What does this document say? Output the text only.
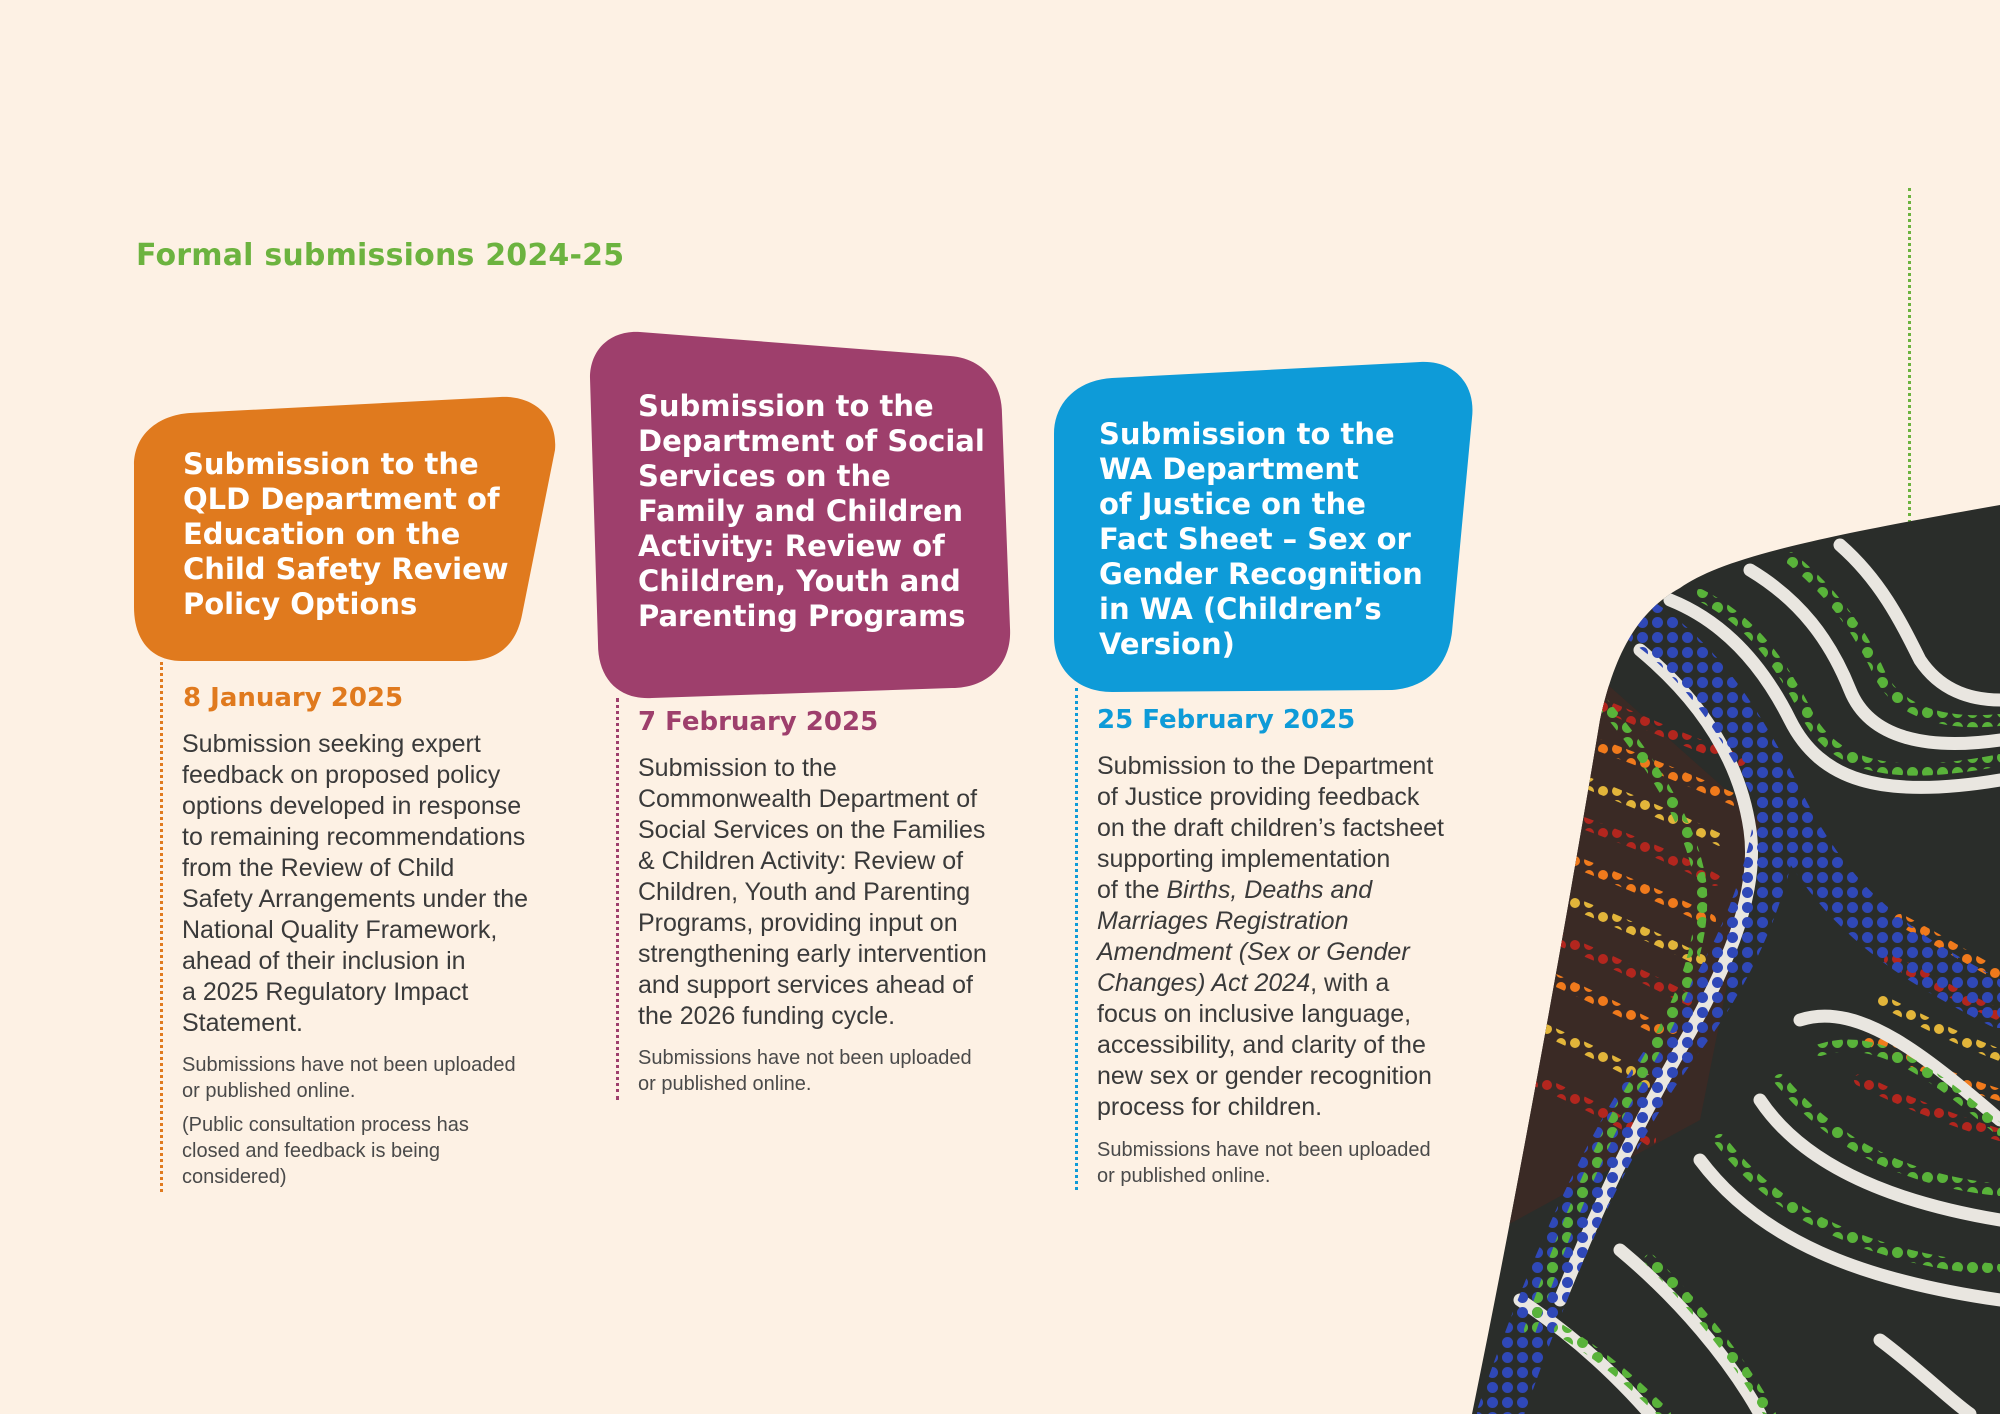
Formal submissions 2024-25
Submission to the
QLD Department of
Education on the
Child Safety Review
Policy Options

8 January 2025

Submission seeking expert
feedback on proposed policy
options developed in response
to remaining recommendations
from the Review of Child
Safety Arrangements under the
National Quality Framework,
ahead of their inclusion in
a 2025 Regulatory Impact
Statement.
Submissions have not been uploaded
or published online.
(Public consultation process has
closed and feedback is being
considered)
Submission to the
Department of Social
Services on the
Family and Children
Activity: Review of
Children, Youth and
Parenting Programs

7 February 2025

Submission to the
Commonwealth Department of
Social Services on the Families
& Children Activity: Review of
Children, Youth and Parenting
Programs, providing input on
strengthening early intervention
and support services ahead of
the 2026 funding cycle.
Submissions have not been uploaded
or published online.
Submission to the
WA Department
of Justice on the
Fact Sheet – Sex or
Gender Recognition
in WA (Children’s
Version)

25 February 2025

Submission to the Department
of Justice providing feedback
on the draft children’s factsheet
supporting implementation
of the Births, Deaths and
Marriages Registration
Amendment (Sex or Gender
Changes) Act 2024, with a
focus on inclusive language,
accessibility, and clarity of the
new sex or gender recognition
process for children.
Submissions have not been uploaded
or published online.
